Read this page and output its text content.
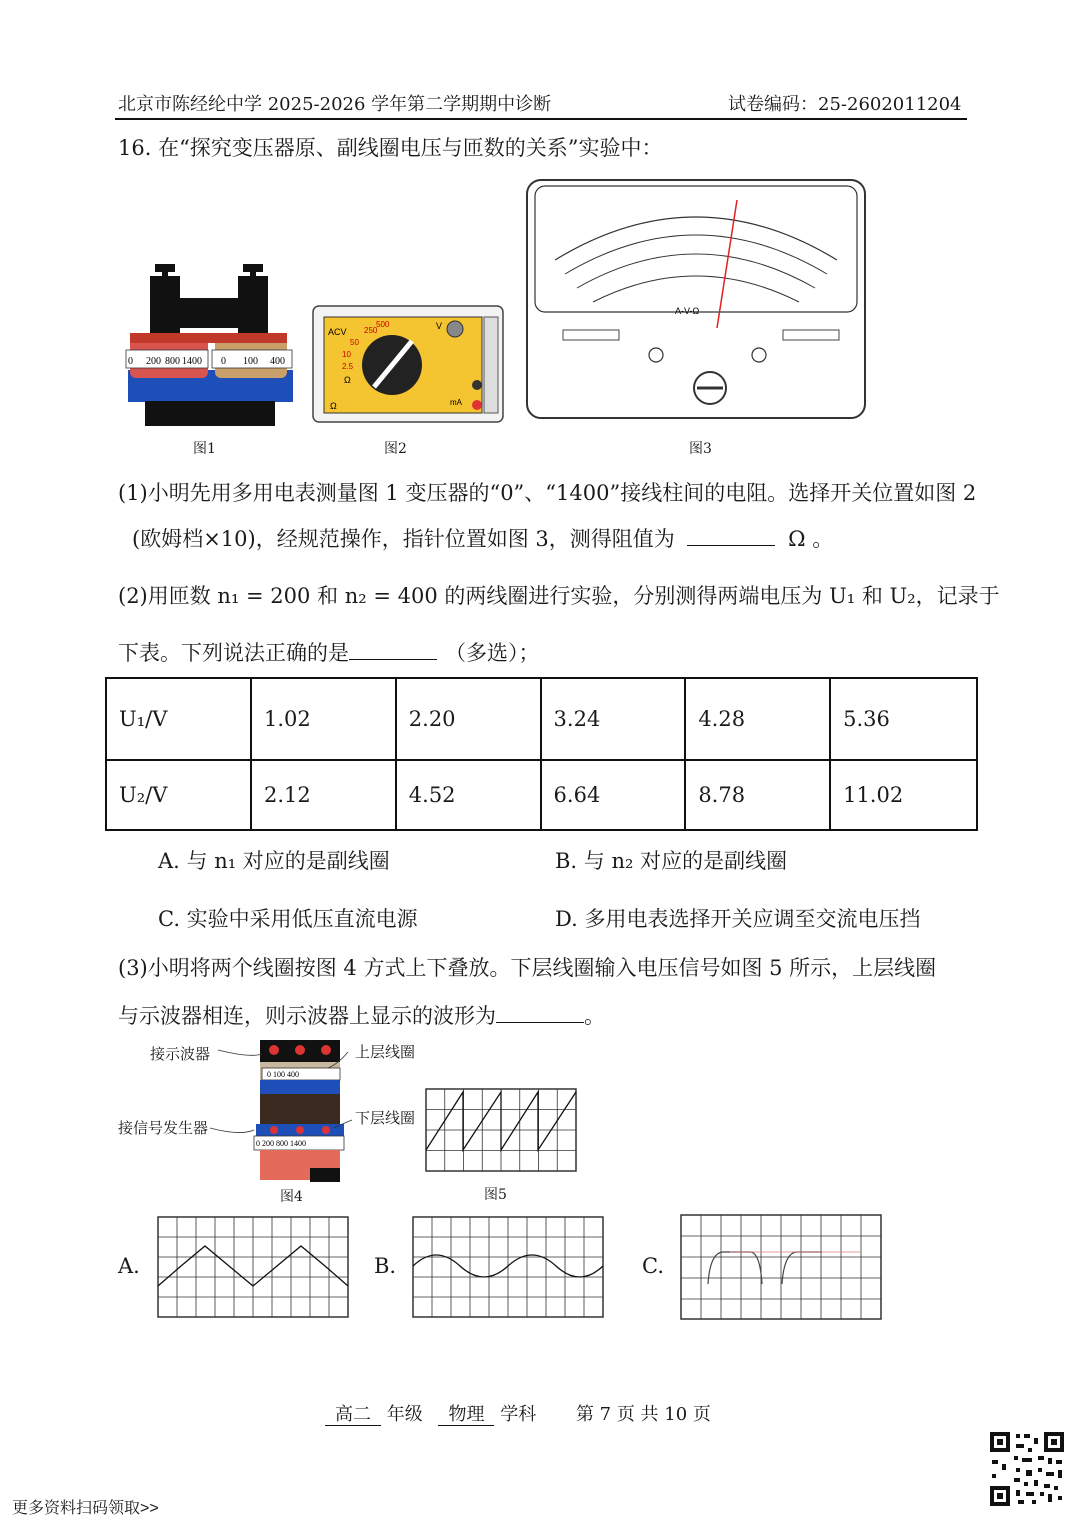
北京市陈经纶中学 2025-2026 学年第二学期期中诊断	试卷编码：25-2602011204
16. 在“探究变压器原、副线圈电压与匝数的关系”实验中：
0 200 800 1400 0 100 400
图1
ACV
V
250
500
50
10
2.5
Ω
Ω	mA
图2
A-V-Ω
图3
(1)小明先用多用电表测量图 1 变压器的“0”、“1400”接线柱间的电阻。选择开关位置如图 2
(欧姆档×10)，经规范操作，指针位置如图 3，测得阻值为	Ω 。
(2)用匝数 n₁ = 200 和 n₂ = 400 的两线圈进行实验，分别测得两端电压为 U₁ 和 U₂，记录于
下表。下列说法正确的是	（多选）；
U₁/V	1.02	2.20	3.24	4.28	5.36
U₂/V	2.12	4.52	6.64	8.78	11.02
A. 与 n₁ 对应的是副线圈	B. 与 n₂ 对应的是副线圈
C. 实验中采用低压直流电源	D. 多用电表选择开关应调至交流电压挡
(3)小明将两个线圈按图 4 方式上下叠放。下层线圈输入电压信号如图 5 所示，上层线圈
与示波器相连，则示波器上显示的波形为	。
0 100 400
0 200 800 1400
接示波器	上层线圈
接信号发生器
下层线圈
图4	图5
A.	B.	C.
高二 年级 物理 学科 第 7 页 共 10 页
更多资料扫码领取>>
